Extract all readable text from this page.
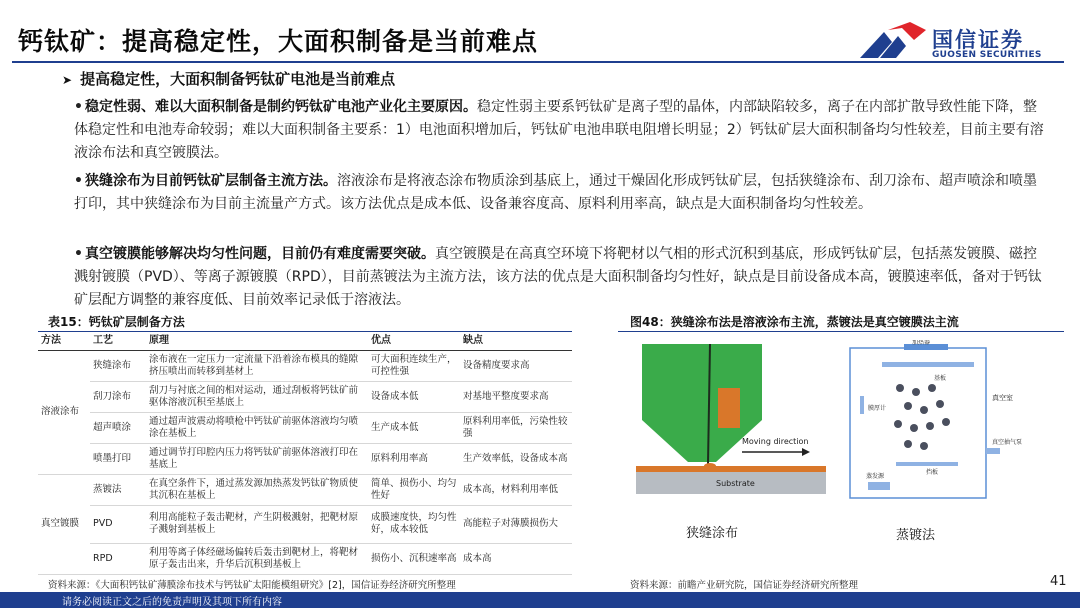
钙钛矿：提高稳定性，大面积制备是当前难点	国信证券
GUOSEN SECURITIES
➤ 提高稳定性，大面积制备钙钛矿电池是当前难点
• 稳定性弱、难以大面积制备是制约钙钛矿电池产业化主要原因。稳定性弱主要系钙钛矿是离子型的晶体，内部缺陷较多，离子在内部扩散导致性能下降，整体稳定性和电池寿命较弱；难以大面积制备主要系：1）电池面积增加后，钙钛矿电池串联电阻增长明显；2）钙钛矿层大面积制备均匀性较差，目前主要有溶液涂布法和真空镀膜法。
• 狭缝涂布为目前钙钛矿层制备主流方法。溶液涂布是将液态涂布物质涂到基底上，通过干燥固化形成钙钛矿层，包括狭缝涂布、刮刀涂布、超声喷涂和喷墨打印，其中狭缝涂布为目前主流量产方式。该方法优点是成本低、设备兼容度高、原料利用率高，缺点是大面积制备均匀性较差。
• 真空镀膜能够解决均匀性问题，目前仍有难度需要突破。真空镀膜是在高真空环境下将靶材以气相的形式沉积到基底，形成钙钛矿层，包括蒸发镀膜、磁控溅射镀膜（PVD）、等离子源镀膜（RPD），目前蒸镀法为主流方法，该方法的优点是大面积制备均匀性好，缺点是目前设备成本高，镀膜速率低，备对于钙钛矿层配方调整的兼容度低、目前效率记录低于溶液法。
表15：钙钛矿层制备方法	图48：狭缝涂布法是溶液涂布主流，蒸镀法是真空镀膜法主流
方法	工艺	原理	优点	缺点
溶液涂布	狭缝涂布	涂布液在一定压力一定流量下沿着涂布模具的缝隙挤压喷出而转移到基材上	可大面积连续生产，可控性强	设备精度要求高
	刮刀涂布	刮刀与衬底之间的相对运动，通过刮板将钙钛矿前驱体溶液沉积至基底上	设备成本低	对基地平整度要求高
	超声喷涂	通过超声波震动将喷枪中钙钛矿前驱体溶液均匀喷涂在基板上	生产成本低	原料利用率低，污染性较强
	喷墨打印	通过调节打印腔内压力将钙钛矿前驱体溶液打印在基底上	原料利用率高	生产效率低，设备成本高
真空镀膜	蒸镀法	在真空条件下，通过蒸发源加热蒸发钙钛矿物质使其沉积在基板上	简单、损伤小、均匀性好	成本高，材料利用率低
	PVD	利用高能粒子轰击靶材，产生阴极溅射，把靶材原子溅射到基板上	成膜速度快，均匀性好，成本较低	高能粒子对薄膜损伤大
	RPD	利用等离子体经磁场偏转后轰击到靶材上，将靶材原子轰击出来，升华后沉积到基板上	损伤小、沉积速率高	成本高
Moving direction
Substrate
加热器
基板
膜厚计
挡板
蒸发源
真空抽气泵
真空室
狭缝涂布	蒸镀法
资料来源：《大面积钙钛矿薄膜涂布技术与钙钛矿太阳能模组研究》[2]，国信证券经济研究所整理	资料来源：前瞻产业研究院，国信证券经济研究所整理	41
请务必阅读正文之后的免责声明及其项下所有内容
